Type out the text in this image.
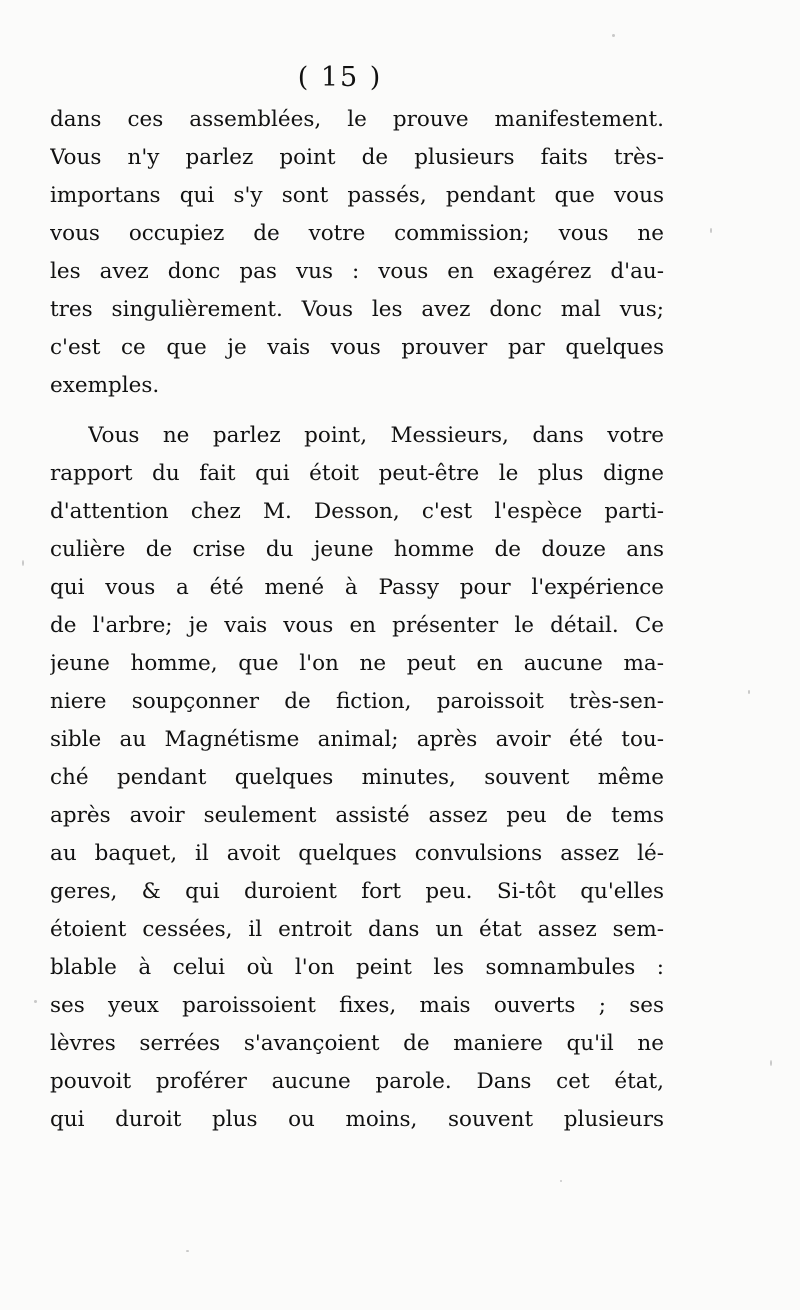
( 15 )
dans ces assemblées, le prouve manifestement.
Vous n'y parlez point de plusieurs faits très-
importans qui s'y sont passés, pendant que vous
vous occupiez de votre commission; vous ne
les avez donc pas vus : vous en exagérez d'au-
tres singulièrement. Vous les avez donc mal vus;
c'est ce que je vais vous prouver par quelques
exemples.
Vous ne parlez point, Messieurs, dans votre
rapport du fait qui étoit peut-être le plus digne
d'attention chez M. Desson, c'est l'espèce parti-
culière de crise du jeune homme de douze ans
qui vous a été mené à Passy pour l'expérience
de l'arbre; je vais vous en présenter le détail. Ce
jeune homme, que l'on ne peut en aucune ma-
niere soupçonner de fiction, paroissoit très-sen-
sible au Magnétisme animal; après avoir été tou-
ché pendant quelques minutes, souvent même
après avoir seulement assisté assez peu de tems
au baquet, il avoit quelques convulsions assez lé-
geres, & qui duroient fort peu. Si-tôt qu'elles
étoient cessées, il entroit dans un état assez sem-
blable à celui où l'on peint les somnambules :
ses yeux paroissoient fixes, mais ouverts ; ses
lèvres serrées s'avançoient de maniere qu'il ne
pouvoit proférer aucune parole. Dans cet état,
qui duroit plus ou moins, souvent plusieurs
